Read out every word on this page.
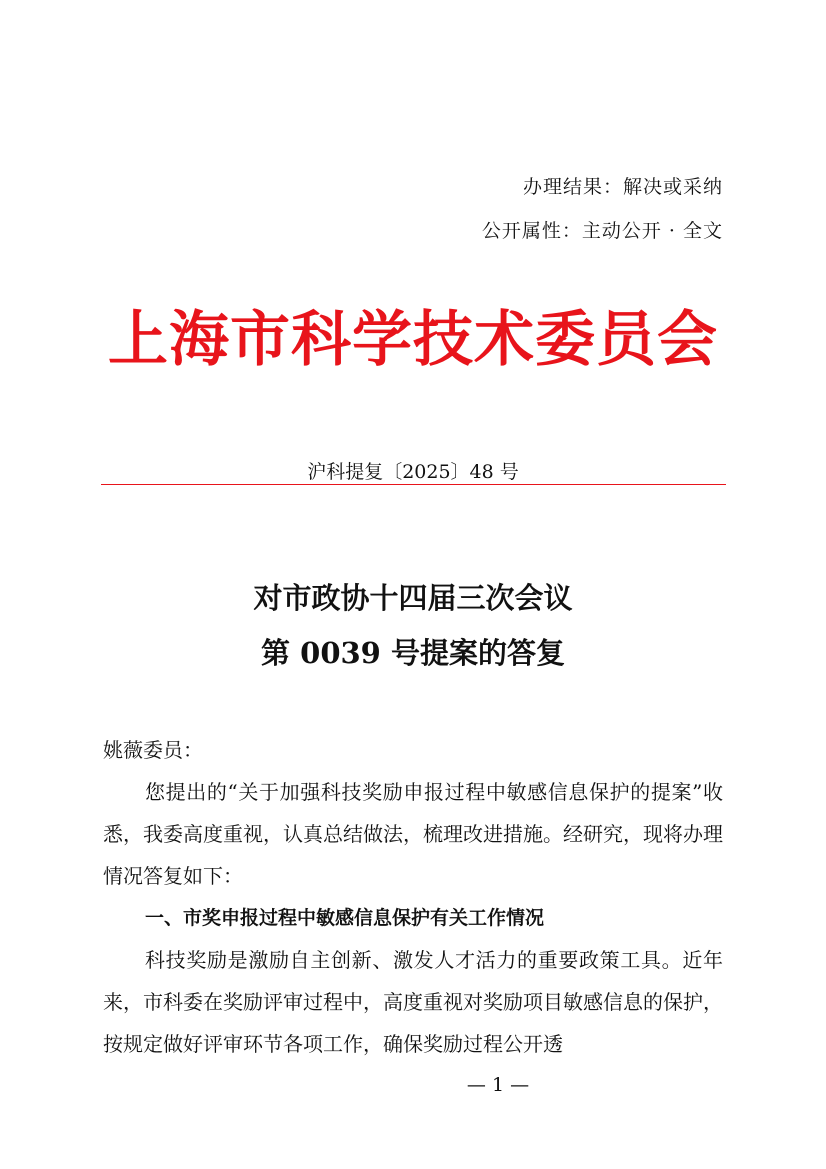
办理结果：解决或采纳
公开属性：主动公开 · 全文
上海市科学技术委员会
沪科提复〔2025〕48 号
对市政协十四届三次会议
第 0039 号提案的答复
姚薇委员：
您提出的“关于加强科技奖励申报过程中敏感信息保护的提案”收悉，我委高度重视，认真总结做法，梳理改进措施。经研究，现将办理情况答复如下：
一、市奖申报过程中敏感信息保护有关工作情况
科技奖励是激励自主创新、激发人才活力的重要政策工具。近年来，市科委在奖励评审过程中，高度重视对奖励项目敏感信息的保护，按规定做好评审环节各项工作，确保奖励过程公开透
— 1 —
